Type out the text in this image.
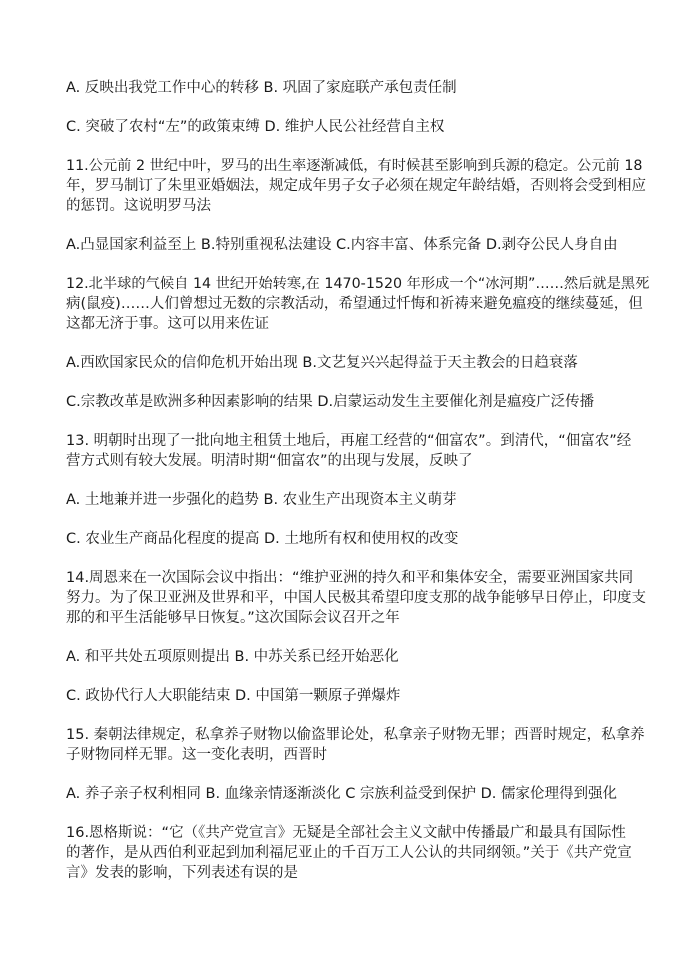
A. 反映出我党工作中心的转移 B. 巩固了家庭联产承包责任制
C. 突破了农村“左”的政策束缚 D. 维护人民公社经营自主权
11.公元前 2 世纪中叶，罗马的出生率逐渐减低，有时候甚至影响到兵源的稳定。公元前 18
年，罗马制订了朱里亚婚姻法，规定成年男子女子必须在规定年龄结婚，否则将会受到相应
的惩罚。这说明罗马法
A.凸显国家利益至上 B.特别重视私法建设 C.内容丰富、体系完备 D.剥夺公民人身自由
12.北半球的气候自 14 世纪开始转寒,在 1470-1520 年形成一个“冰河期”……然后就是黑死
病(鼠疫)……人们曾想过无数的宗教活动，希望通过忏悔和祈祷来避免瘟疫的继续蔓延，但
这都无济于事。这可以用来佐证
A.西欧国家民众的信仰危机开始出现 B.文艺复兴兴起得益于天主教会的日趋衰落
C.宗教改革是欧洲多种因素影响的结果 D.启蒙运动发生主要催化剂是瘟疫广泛传播
13. 明朝时出现了一批向地主租赁土地后，再雇工经营的“佃富农”。到清代，“佃富农”经
营方式则有较大发展。明清时期“佃富农”的出现与发展，反映了
A. 土地兼并进一步强化的趋势 B. 农业生产出现资本主义萌芽
C. 农业生产商品化程度的提高 D. 土地所有权和使用权的改变
14.周恩来在一次国际会议中指出：“维护亚洲的持久和平和集体安全，需要亚洲国家共同
努力。为了保卫亚洲及世界和平，中国人民极其希望印度支那的战争能够早日停止，印度支
那的和平生活能够早日恢复。”这次国际会议召开之年
A. 和平共处五项原则提出 B. 中苏关系已经开始恶化
C. 政协代行人大职能结束 D. 中国第一颗原子弹爆炸
15. 秦朝法律规定，私拿养子财物以偷盗罪论处，私拿亲子财物无罪；西晋时规定，私拿养
子财物同样无罪。这一变化表明，西晋时
A. 养子亲子权利相同 B. 血缘亲情逐渐淡化 C 宗族利益受到保护 D. 儒家伦理得到强化
16.恩格斯说：“它（《共产党宣言》无疑是全部社会主义文献中传播最广和最具有国际性
的著作，是从西伯利亚起到加利福尼亚止的千百万工人公认的共同纲领。”关于《共产党宣
言》发表的影响，下列表述有误的是
